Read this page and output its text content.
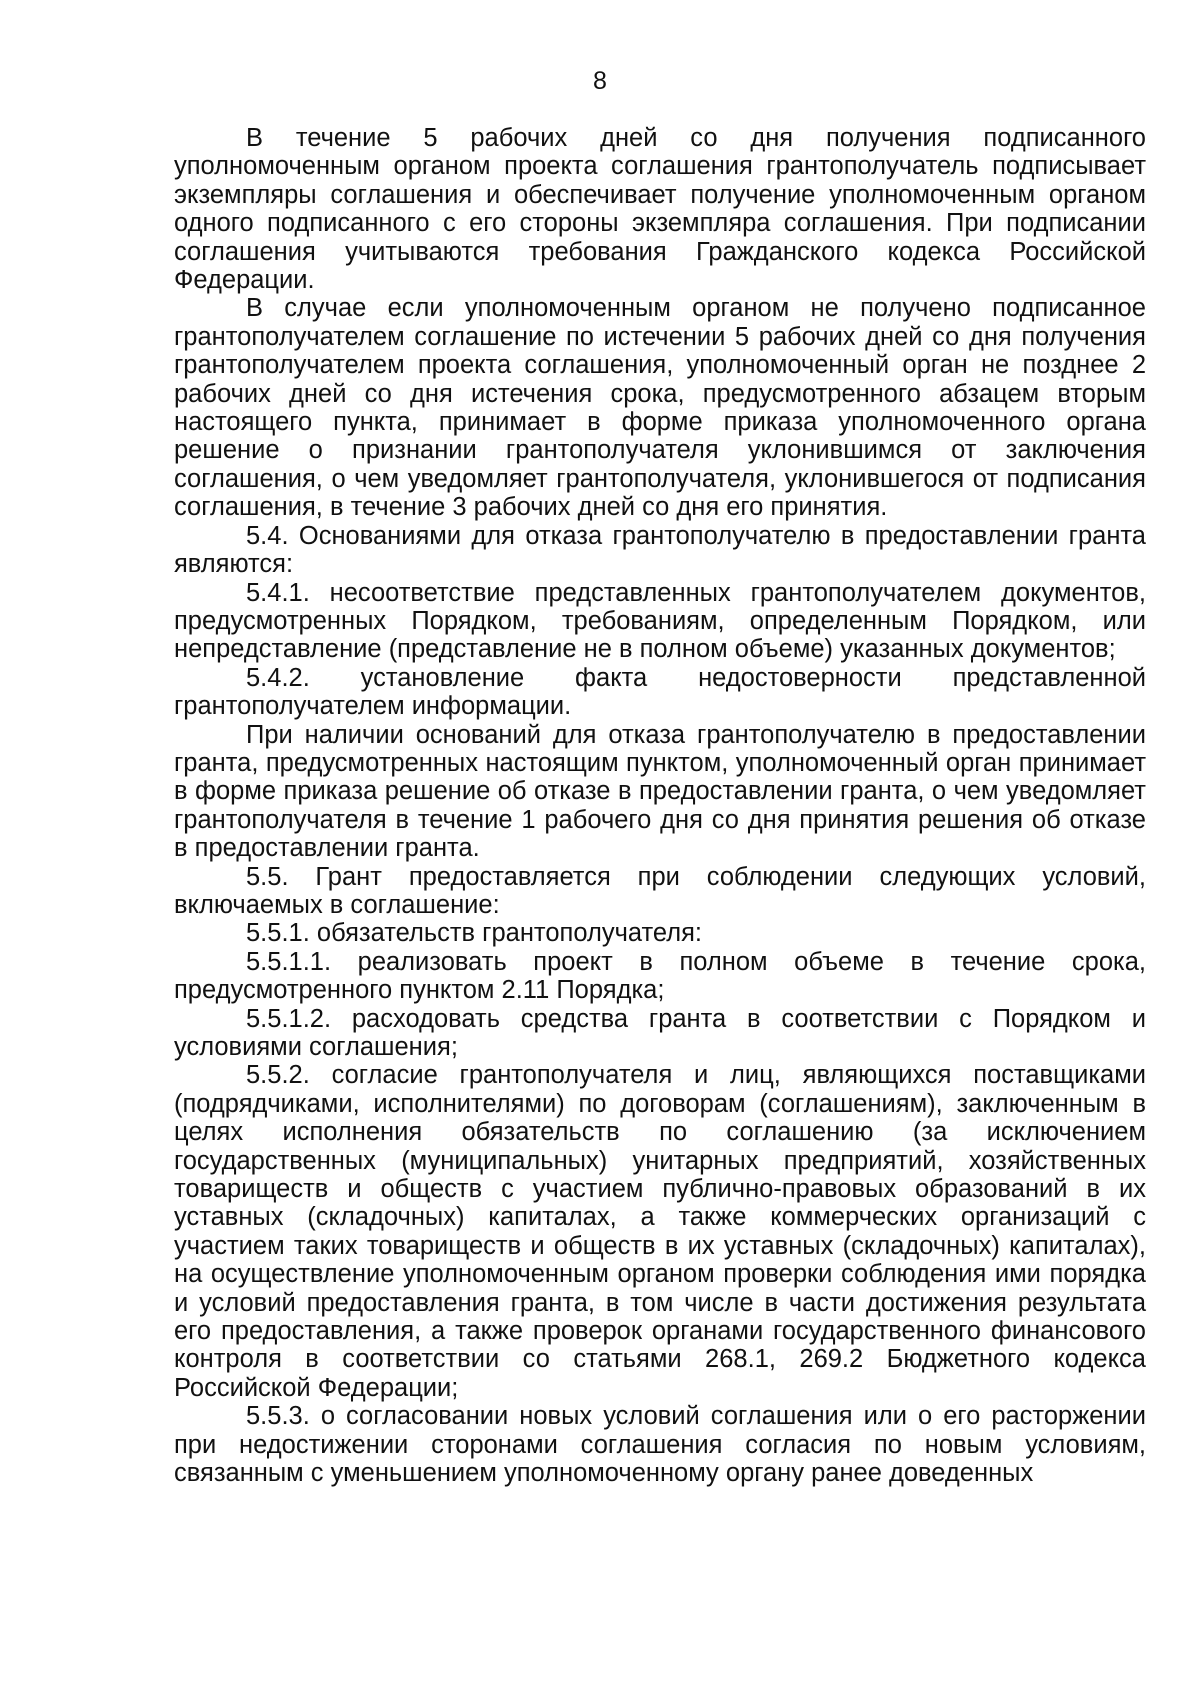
8

В течение 5 рабочих дней со дня получения подписанного уполномоченным органом проекта соглашения грантополучатель подписывает экземпляры соглашения и обеспечивает получение уполномоченным органом одного подписанного с его стороны экземпляра соглашения. При подписании соглашения учитываются требования Гражданского кодекса Российской Федерации.

В случае если уполномоченным органом не получено подписанное грантополучателем соглашение по истечении 5 рабочих дней со дня получения грантополучателем проекта соглашения, уполномоченный орган не позднее 2 рабочих дней со дня истечения срока, предусмотренного абзацем вторым настоящего пункта, принимает в форме приказа уполномоченного органа решение о признании грантополучателя уклонившимся от заключения соглашения, о чем уведомляет грантополучателя, уклонившегося от подписания соглашения, в течение 3 рабочих дней со дня его принятия.

5.4. Основаниями для отказа грантополучателю в предоставлении гранта являются:

5.4.1. несоответствие представленных грантополучателем документов, предусмотренных Порядком, требованиям, определенным Порядком, или непредставление (представление не в полном объеме) указанных документов;

5.4.2. установление факта недостоверности представленной грантополучателем информации.

При наличии оснований для отказа грантополучателю в предоставлении гранта, предусмотренных настоящим пунктом, уполномоченный орган принимает в форме приказа решение об отказе в предоставлении гранта, о чем уведомляет грантополучателя в течение 1 рабочего дня со дня принятия решения об отказе в предоставлении гранта.

5.5. Грант предоставляется при соблюдении следующих условий, включаемых в соглашение:

5.5.1. обязательств грантополучателя:

5.5.1.1. реализовать проект в полном объеме в течение срока, предусмотренного пунктом 2.11 Порядка;

5.5.1.2. расходовать средства гранта в соответствии с Порядком и условиями соглашения;

5.5.2. согласие грантополучателя и лиц, являющихся поставщиками (подрядчиками, исполнителями) по договорам (соглашениям), заключенным в целях исполнения обязательств по соглашению (за исключением государственных (муниципальных) унитарных предприятий, хозяйственных товариществ и обществ с участием публично-правовых образований в их уставных (складочных) капиталах, а также коммерческих организаций с участием таких товариществ и обществ в их уставных (складочных) капиталах), на осуществление уполномоченным органом проверки соблюдения ими порядка и условий предоставления гранта, в том числе в части достижения результата его предоставления, а также проверок органами государственного финансового контроля в соответствии со статьями 268.1, 269.2 Бюджетного кодекса Российской Федерации;

5.5.3. о согласовании новых условий соглашения или о его расторжении при недостижении сторонами соглашения согласия по новым условиям, связанным с уменьшением уполномоченному органу ранее доведенных
